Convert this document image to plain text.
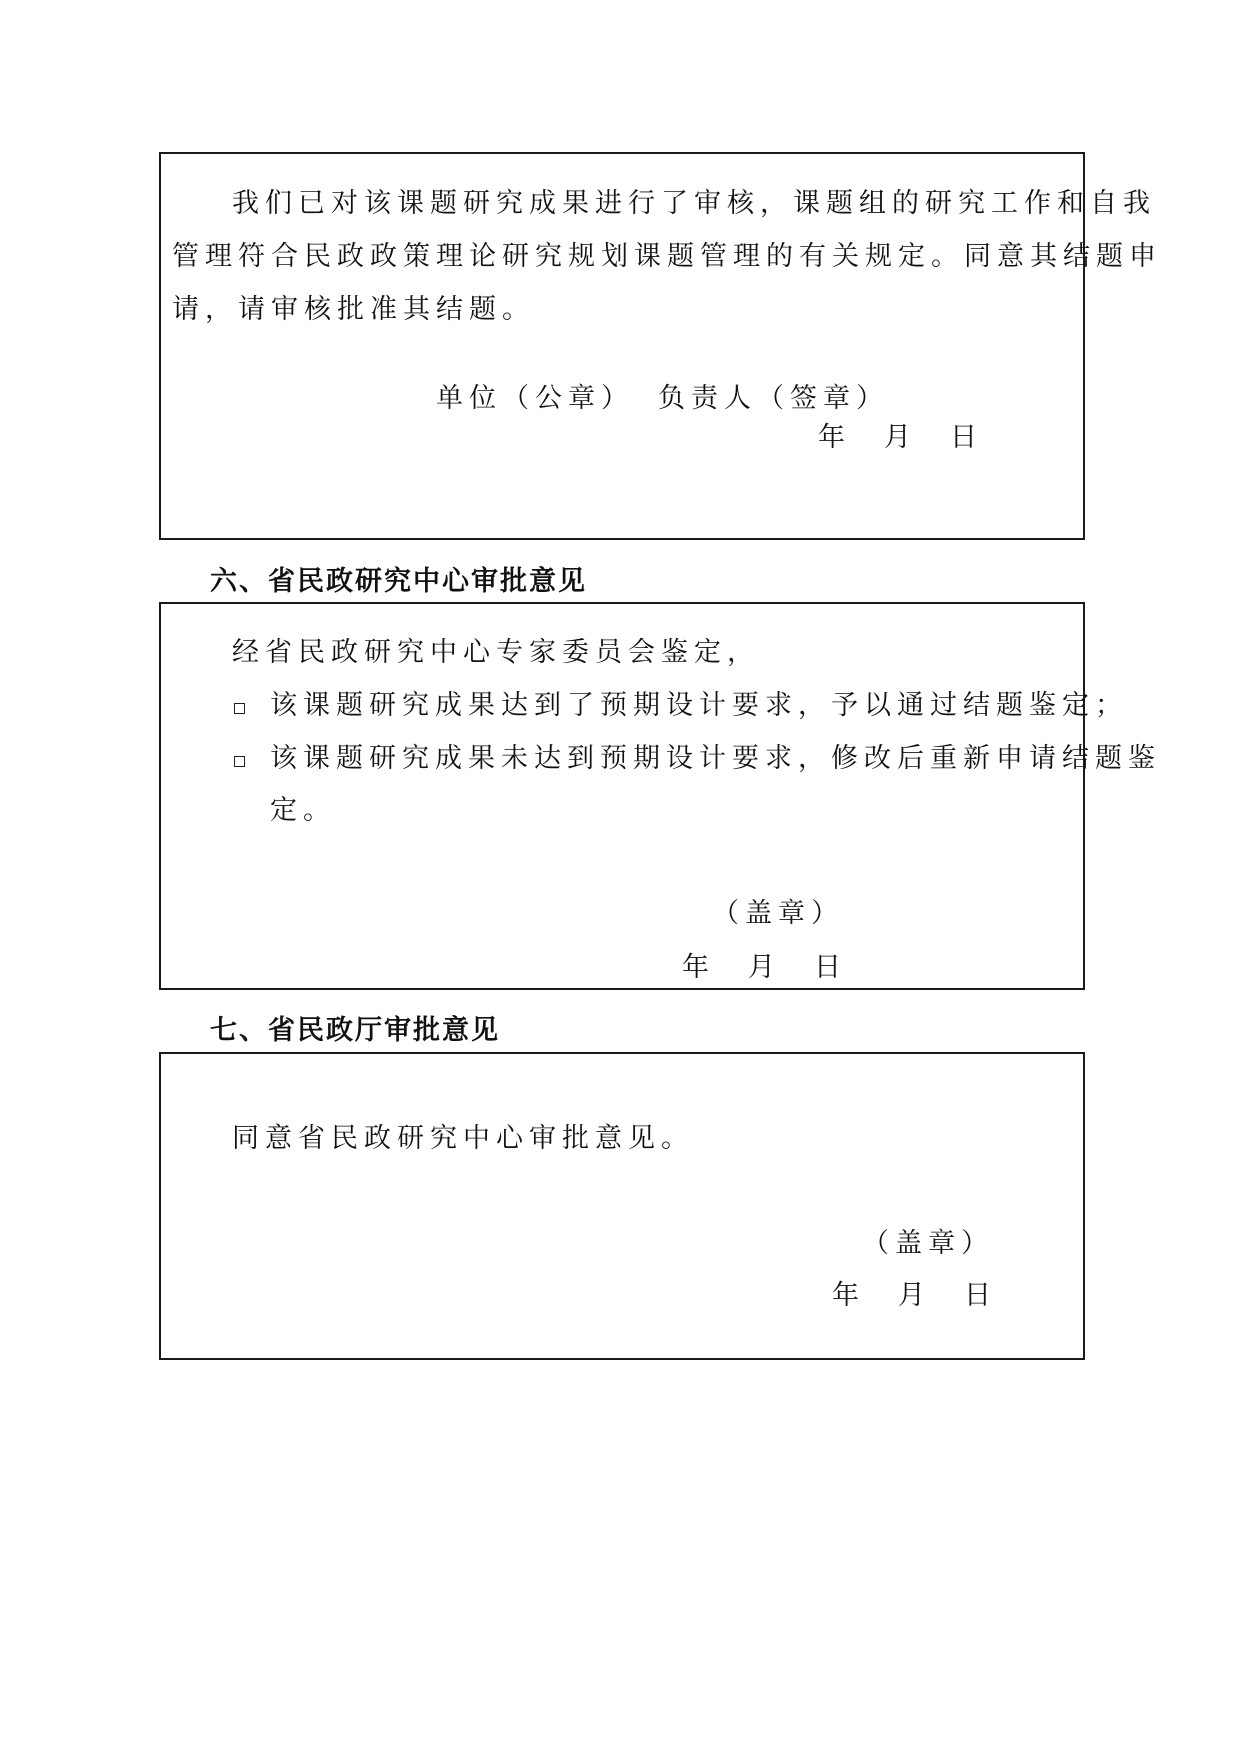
我们已对该课题研究成果进行了审核，课题组的研究工作和自我
管理符合民政政策理论研究规划课题管理的有关规定。同意其结题申
请，请审核批准其结题。
单位（公章） 负责人（签章）
年　月　日
六、省民政研究中心审批意见
经省民政研究中心专家委员会鉴定，
该课题研究成果达到了预期设计要求，予以通过结题鉴定；
该课题研究成果未达到预期设计要求，修改后重新申请结题鉴
定。
（盖章）
年　月　日
七、省民政厅审批意见
同意省民政研究中心审批意见。
（盖章）
年　月　日
